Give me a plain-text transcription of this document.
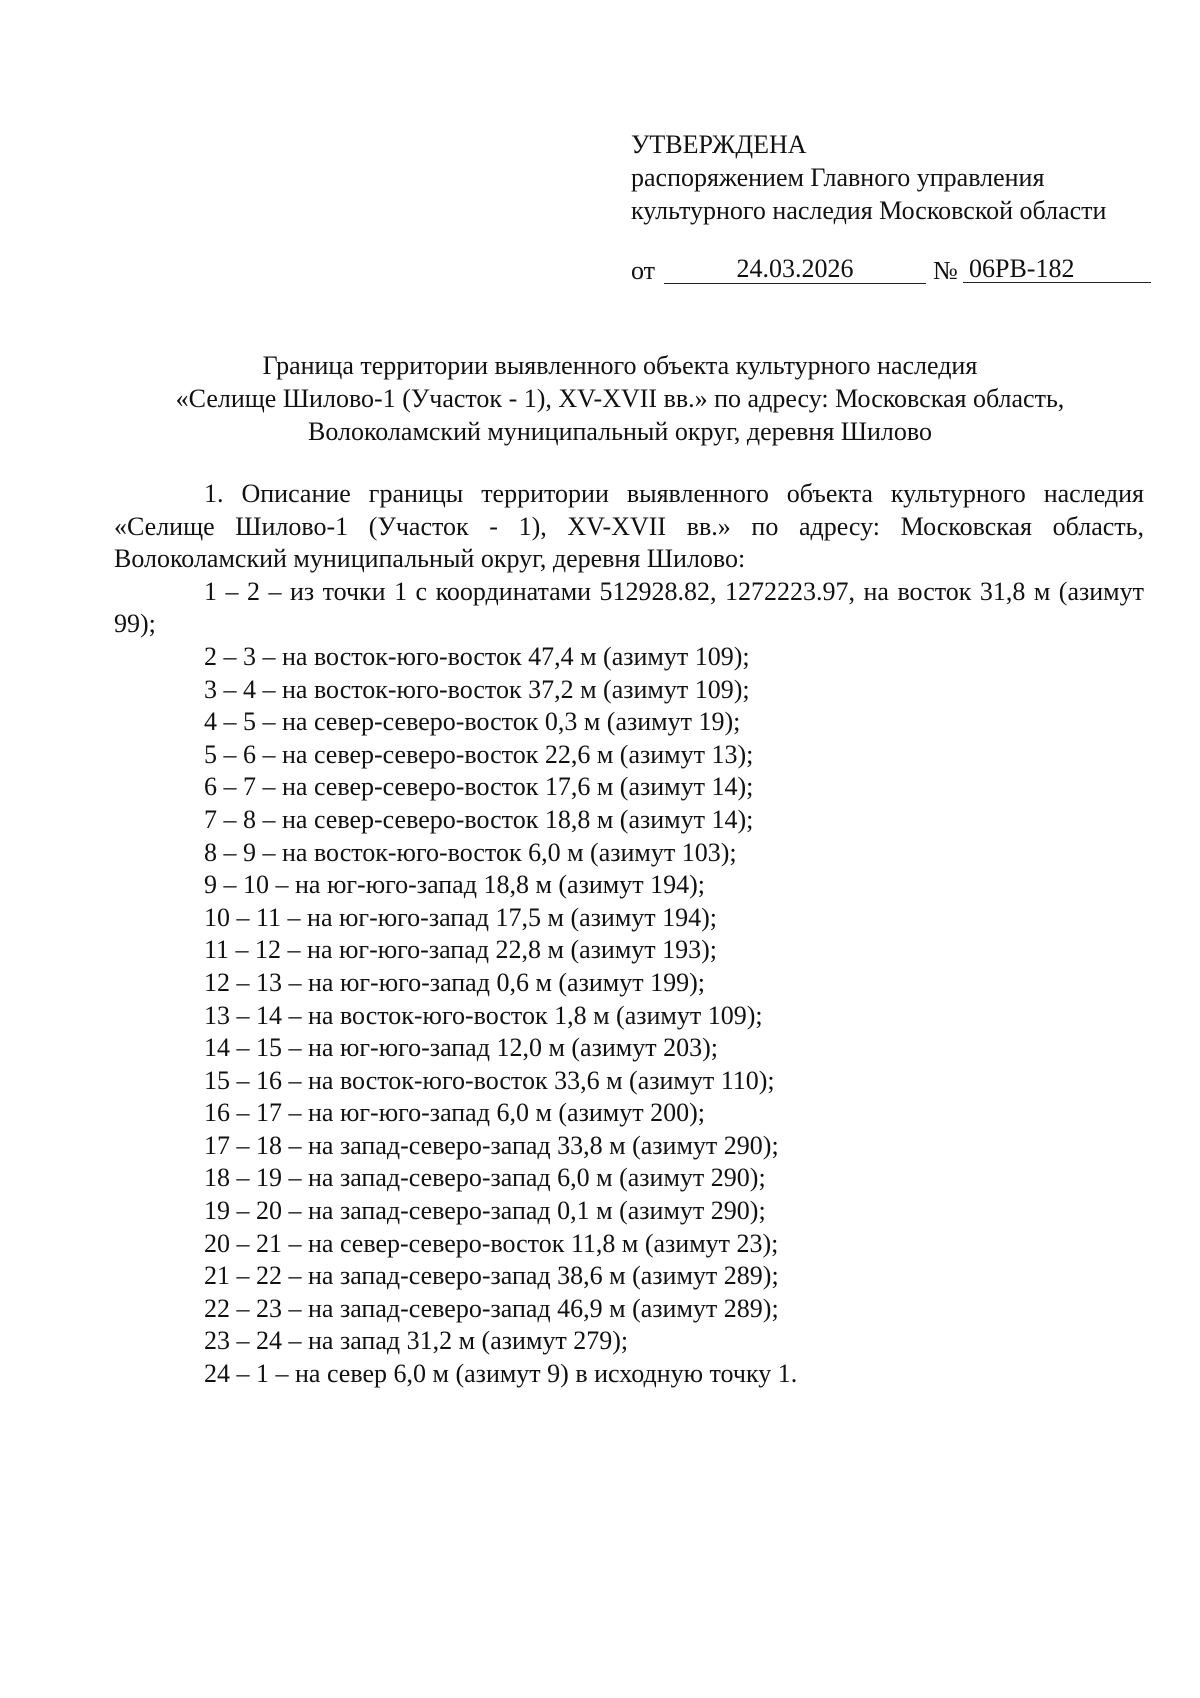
УТВЕРЖДЕНА
распоряжением Главного управления
культурного наследия Московской области
от	24.03.2026	№ 06РВ-182
Граница территории выявленного объекта культурного наследия
«Селище Шилово-1 (Участок - 1), XV-XVII вв.» по адресу: Московская область,
Волоколамский муниципальный округ, деревня Шилово

1. Описание границы территории выявленного объекта культурного наследия «Селище Шилово-1 (Участок - 1), XV-XVII вв.» по адресу: Московская область, Волоколамский муниципальный округ, деревня Шилово:

1 – 2 – из точки 1 с координатами 512928.82, 1272223.97, на восток 31,8 м (азимут 99);

2 – 3 – на восток-юго-восток 47,4 м (азимут 109);

3 – 4 – на восток-юго-восток 37,2 м (азимут 109);

4 – 5 – на север-северо-восток 0,3 м (азимут 19);

5 – 6 – на север-северо-восток 22,6 м (азимут 13);

6 – 7 – на север-северо-восток 17,6 м (азимут 14);

7 – 8 – на север-северо-восток 18,8 м (азимут 14);

8 – 9 – на восток-юго-восток 6,0 м (азимут 103);

9 – 10 – на юг-юго-запад 18,8 м (азимут 194);

10 – 11 – на юг-юго-запад 17,5 м (азимут 194);

11 – 12 – на юг-юго-запад 22,8 м (азимут 193);

12 – 13 – на юг-юго-запад 0,6 м (азимут 199);

13 – 14 – на восток-юго-восток 1,8 м (азимут 109);

14 – 15 – на юг-юго-запад 12,0 м (азимут 203);

15 – 16 – на восток-юго-восток 33,6 м (азимут 110);

16 – 17 – на юг-юго-запад 6,0 м (азимут 200);

17 – 18 – на запад-северо-запад 33,8 м (азимут 290);

18 – 19 – на запад-северо-запад 6,0 м (азимут 290);

19 – 20 – на запад-северо-запад 0,1 м (азимут 290);

20 – 21 – на север-северо-восток 11,8 м (азимут 23);

21 – 22 – на запад-северо-запад 38,6 м (азимут 289);

22 – 23 – на запад-северо-запад 46,9 м (азимут 289);

23 – 24 – на запад 31,2 м (азимут 279);

24 – 1 – на север 6,0 м (азимут 9) в исходную точку 1.
